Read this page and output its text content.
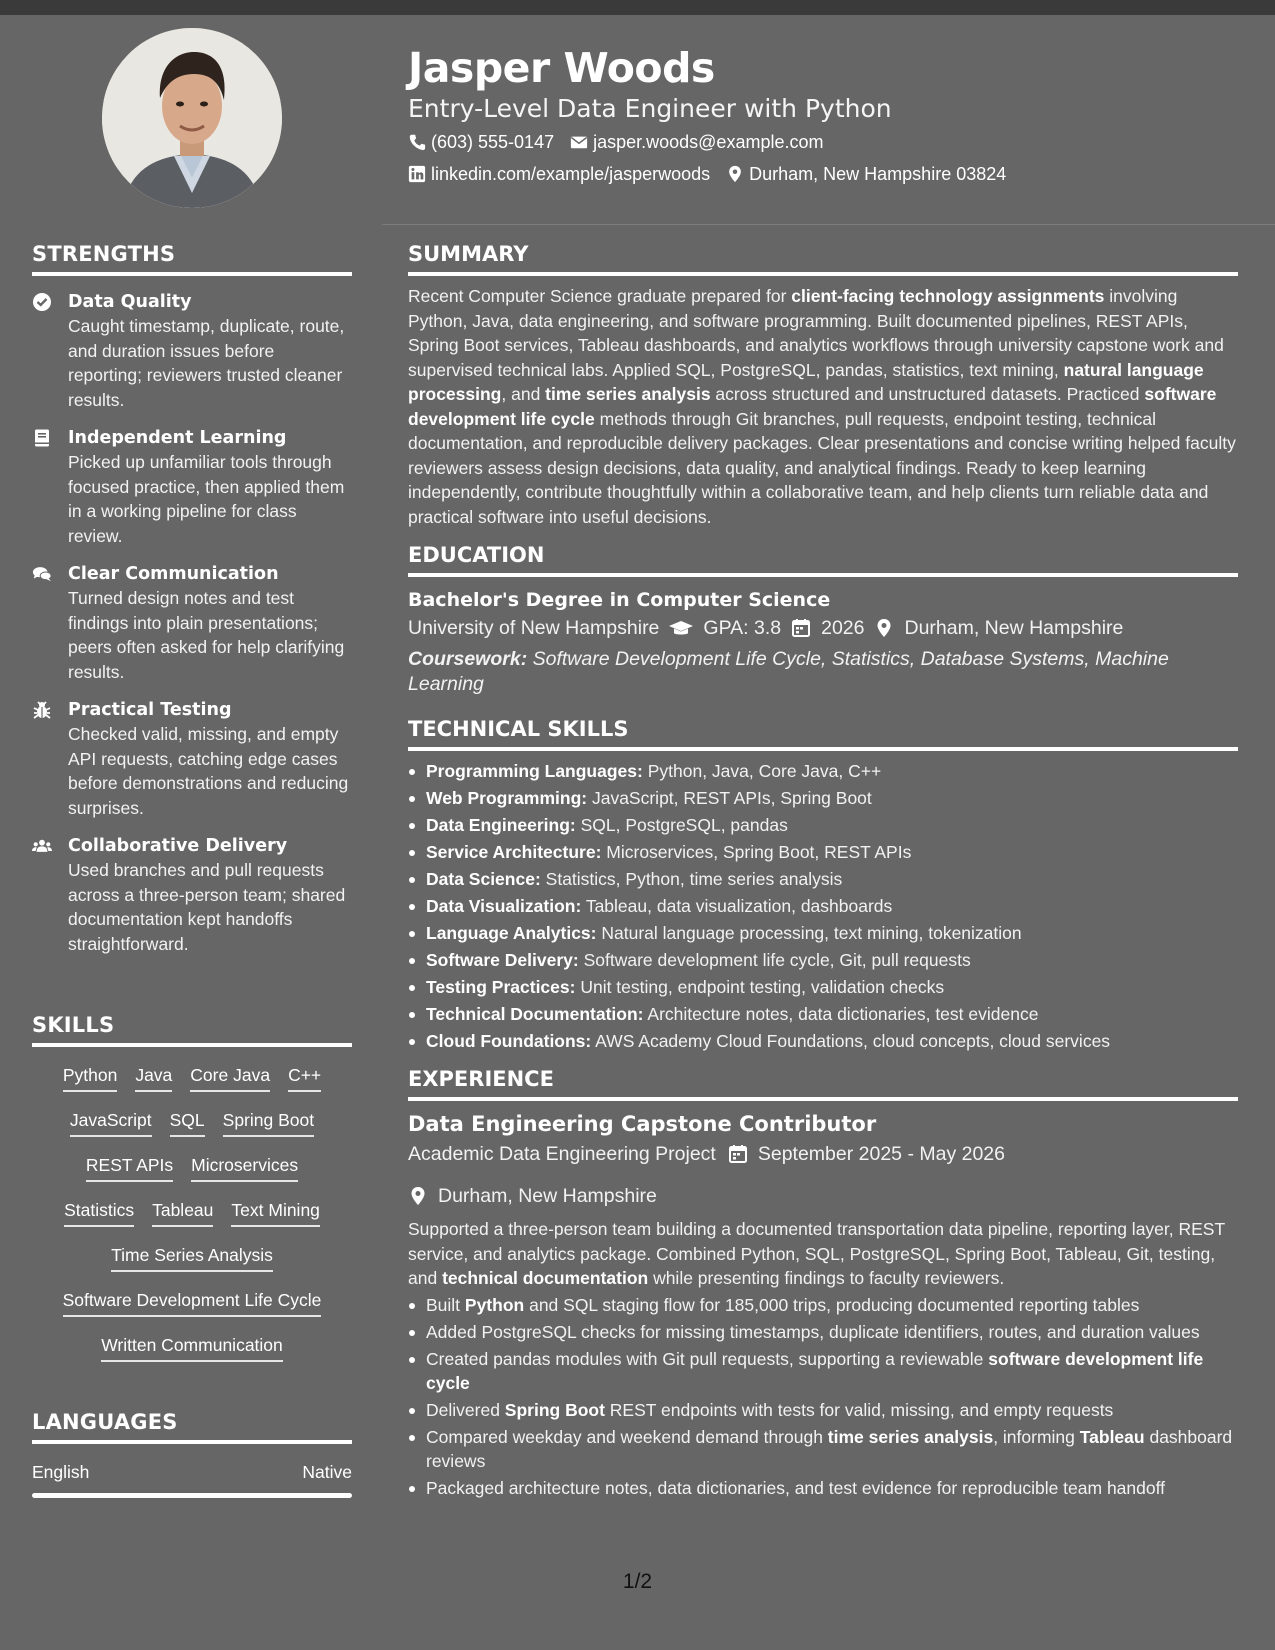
Jasper Woods
Entry-Level Data Engineer with Python
(603) 555-0147 jasper.woods@example.com
linkedin.com/example/jasperwoods Durham, New Hampshire 03824
STRENGTHS
Data Quality
Caught timestamp, duplicate, route, and duration issues before reporting; reviewers trusted cleaner results.
Independent Learning
Picked up unfamiliar tools through focused practice, then applied them in a working pipeline for class review.
Clear Communication
Turned design notes and test findings into plain presentations; peers often asked for help clarifying results.
Practical Testing
Checked valid, missing, and empty API requests, catching edge cases before demonstrations and reducing surprises.
Collaborative Delivery
Used branches and pull requests across a three-person team; shared documentation kept handoffs straightforward.
SKILLS
Python Java Core Java C++
JavaScript SQL Spring Boot
REST APIs Microservices
Statistics Tableau Text Mining
Time Series Analysis
Software Development Life Cycle
Written Communication
LANGUAGES
English	Native
SUMMARY

Recent Computer Science graduate prepared for client-facing technology assignments involving Python, Java, data engineering, and software programming. Built documented pipelines, REST APIs, Spring Boot services, Tableau dashboards, and analytics workflows through university capstone work and supervised technical labs. Applied SQL, PostgreSQL, pandas, statistics, text mining, natural language processing, and time series analysis across structured and unstructured datasets. Practiced software development life cycle methods through Git branches, pull requests, endpoint testing, technical documentation, and reproducible delivery packages. Clear presentations and concise writing helped faculty reviewers assess design decisions, data quality, and analytical findings. Ready to keep learning independently, contribute thoughtfully within a collaborative team, and help clients turn reliable data and practical software into useful decisions.

EDUCATION
Bachelor's Degree in Computer Science
University of New Hampshire GPA: 3.8 2026 Durham, New Hampshire
Coursework: Software Development Life Cycle, Statistics, Database Systems, Machine Learning
TECHNICAL SKILLS
Programming Languages: Python, Java, Core Java, C++
Web Programming: JavaScript, REST APIs, Spring Boot
Data Engineering: SQL, PostgreSQL, pandas
Service Architecture: Microservices, Spring Boot, REST APIs
Data Science: Statistics, Python, time series analysis
Data Visualization: Tableau, data visualization, dashboards
Language Analytics: Natural language processing, text mining, tokenization
Software Delivery: Software development life cycle, Git, pull requests
Testing Practices: Unit testing, endpoint testing, validation checks
Technical Documentation: Architecture notes, data dictionaries, test evidence
Cloud Foundations: AWS Academy Cloud Foundations, cloud concepts, cloud services
EXPERIENCE
Data Engineering Capstone Contributor
Academic Data Engineering Project September 2025 - May 2026
Durham, New Hampshire

Supported a three-person team building a documented transportation data pipeline, reporting layer, REST service, and analytics package. Combined Python, SQL, PostgreSQL, Spring Boot, Tableau, Git, testing, and technical documentation while presenting findings to faculty reviewers.

Built Python and SQL staging flow for 185,000 trips, producing documented reporting tables
Added PostgreSQL checks for missing timestamps, duplicate identifiers, routes, and duration values
Created pandas modules with Git pull requests, supporting a reviewable software development life cycle
Delivered Spring Boot REST endpoints with tests for valid, missing, and empty requests
Compared weekday and weekend demand through time series analysis, informing Tableau dashboard reviews
Packaged architecture notes, data dictionaries, and test evidence for reproducible team handoff
1/2
